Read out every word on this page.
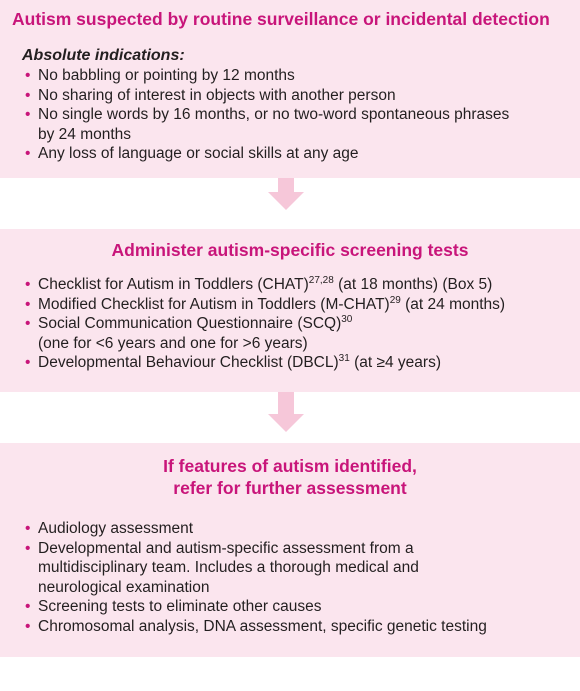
Autism suspected by routine surveillance or incidental detection
Absolute indications:
• No babbling or pointing by 12 months
• No sharing of interest in objects with another person
• No single words by 16 months, or no two-word spontaneous phrases
by 24 months
• Any loss of language or social skills at any age
Administer autism-specific screening tests
• Checklist for Autism in Toddlers (CHAT)$^{27,28}$ (at 18 months) (Box 5)
• Modified Checklist for Autism in Toddlers (M-CHAT)$^{29}$ (at 24 months)
• Social Communication Questionnaire (SCQ)$^{30}$
(one for <6 years and one for >6 years)
• Developmental Behaviour Checklist (DBCL)$^{31}$ (at ≥4 years)
If features of autism identified,
refer for further assessment
• Audiology assessment
• Developmental and autism-specific assessment from a
multidisciplinary team. Includes a thorough medical and
neurological examination
• Screening tests to eliminate other causes
• Chromosomal analysis, DNA assessment, specific genetic testing
